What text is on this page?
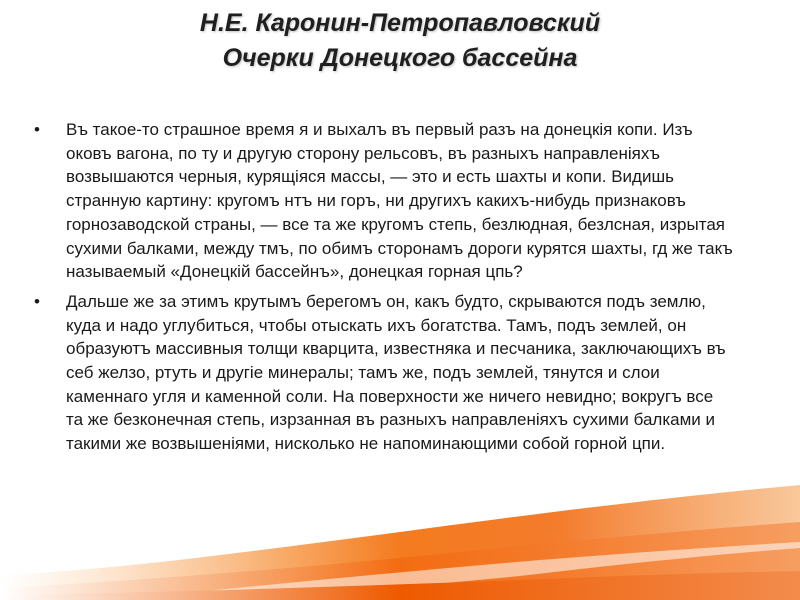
Н.Е. Каронин-Петропавловский
Очерки Донецкого бассейна
•	Въ такое-то страшное время я и выхалъ въ первый разъ на донецкія копи. Изъ оковъ вагона, по ту и другую сторону рельсовъ, въ разныхъ направленіяхъ возвышаются черныя, курящіяся массы, — это и есть шахты и копи. Видишь странную картину: кругомъ нтъ ни горъ, ни другихъ какихъ-нибудь признаковъ горнозаводской страны, — все та же кругомъ степь, безлюдная, безлсная, изрытая сухими балками, между тмъ, по обимъ сторонамъ дороги курятся шахты, гд же такъ называемый «Донецкій бассейнъ», донецкая горная цпь?
•	Дальше же за этимъ крутымъ берегомъ он, какъ будто, скрываются подъ землю, куда и надо углубиться, чтобы отыскать ихъ богатства. Тамъ, подъ землей, он образуютъ массивныя толщи кварцита, известняка и песчаника, заключающихъ въ себ желзо, ртуть и другіе минералы; тамъ же, подъ землей, тянутся и слои каменнаго угля и каменной соли. На поверхности же ничего невидно; вокругъ все та же безконечная степь, изрзанная въ разныхъ направленіяхъ сухими балками и такими же возвышеніями, нисколько не напоминающими собой горной цпи.
